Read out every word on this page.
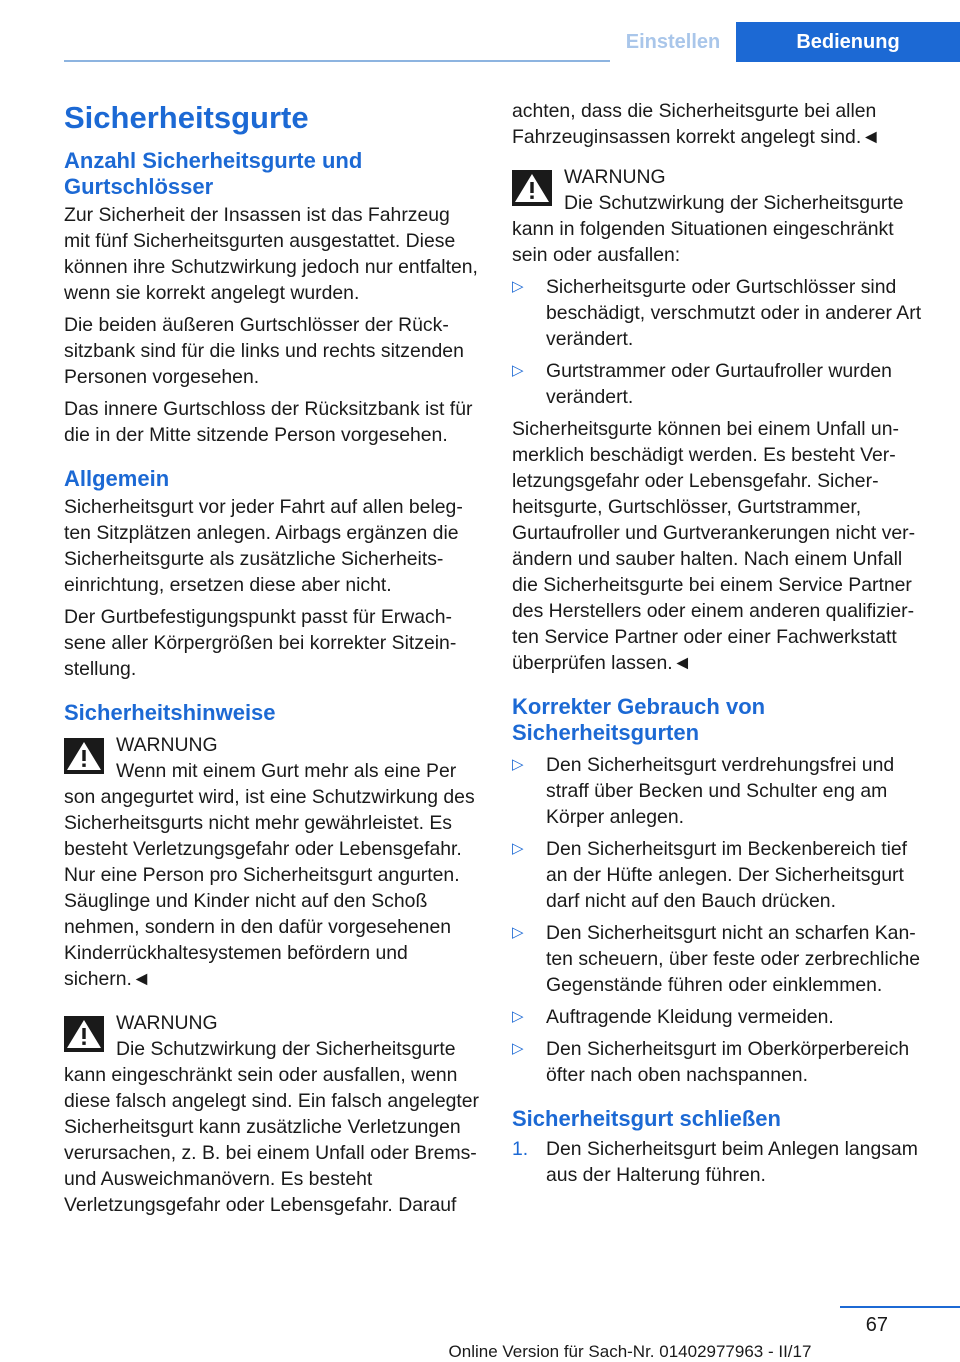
Einstellen	Bedienung
Sicherheitsgurte
Anzahl Sicherheitsgurte und Gurtschlösser

Zur Sicherheit der Insassen ist das Fahrzeug mit fünf Sicherheitsgurten ausgestattet. Diese können ihre Schutzwirkung jedoch nur entfalten, wenn sie korrekt angelegt wurden.

Die beiden äußeren Gurtschlösser der Rücksitzbank sind für die links und rechts sitzenden Personen vorgesehen.

Das innere Gurtschloss der Rücksitzbank ist für die in der Mitte sitzende Person vorgesehen.

Allgemein

Sicherheitsgurt vor jeder Fahrt auf allen belegten Sitzplätzen anlegen. Airbags ergänzen die Sicherheitsgurte als zusätzliche Sicherheitseinrichtung, ersetzen diese aber nicht.

Der Gurtbefestigungspunkt passt für Erwachsene aller Körpergrößen bei korrekter Sitzeinstellung.

Sicherheitshinweise
WARNUNG
Wenn mit einem Gurt mehr als eine Per
son angegurtet wird, ist eine Schutzwirkung des Sicherheitsgurts nicht mehr gewährleistet. Es besteht Verletzungsgefahr oder Lebensgefahr. Nur eine Person pro Sicherheitsgurt angurten. Säuglinge und Kinder nicht auf den Schoß nehmen, sondern in den dafür vorgesehenen Kinderrückhaltesystemen befördern und sichern.◄
WARNUNG
Die Schutzwirkung der Sicherheitsgurte
kann eingeschränkt sein oder ausfallen, wenn diese falsch angelegt sind. Ein falsch angelegter Sicherheitsgurt kann zusätzliche Verletzungen verursachen, z. B. bei einem Unfall oder Brems- und Ausweichmanövern. Es besteht Verletzungsgefahr oder Lebensgefahr. Darauf

achten, dass die Sicherheitsgurte bei allen Fahrzeuginsassen korrekt angelegt sind.◄

WARNUNG
Die Schutzwirkung der Sicherheitsgurte
kann in folgenden Situationen eingeschränkt sein oder ausfallen:
▷ Sicherheitsgurte oder Gurtschlösser sind beschädigt, verschmutzt oder in anderer Art verändert.
▷ Gurtstrammer oder Gurtaufroller wurden verändert.
Sicherheitsgurte können bei einem Unfall unmerklich beschädigt werden. Es besteht Verletzungsgefahr oder Lebensgefahr. Sicherheitsgurte, Gurtschlösser, Gurtstrammer, Gurtaufroller und Gurtverankerungen nicht verändern und sauber halten. Nach einem Unfall die Sicherheitsgurte bei einem Service Partner des Herstellers oder einem anderen qualifizierten Service Partner oder einer Fachwerkstatt überprüfen lassen.◄
Korrekter Gebrauch von Sicherheitsgurten
▷ Den Sicherheitsgurt verdrehungsfrei und straff über Becken und Schulter eng am Körper anlegen.
▷ Den Sicherheitsgurt im Beckenbereich tief an der Hüfte anlegen. Der Sicherheitsgurt darf nicht auf den Bauch drücken.
▷ Den Sicherheitsgurt nicht an scharfen Kanten scheuern, über feste oder zerbrechliche Gegenstände führen oder einklemmen.
▷ Auftragende Kleidung vermeiden.
▷ Den Sicherheitsgurt im Oberkörperbereich öfter nach oben nachspannen.
Sicherheitsgurt schließen
1. Den Sicherheitsgurt beim Anlegen langsam aus der Halterung führen.
67
Online Version für Sach-Nr. 01402977963 - II/17
